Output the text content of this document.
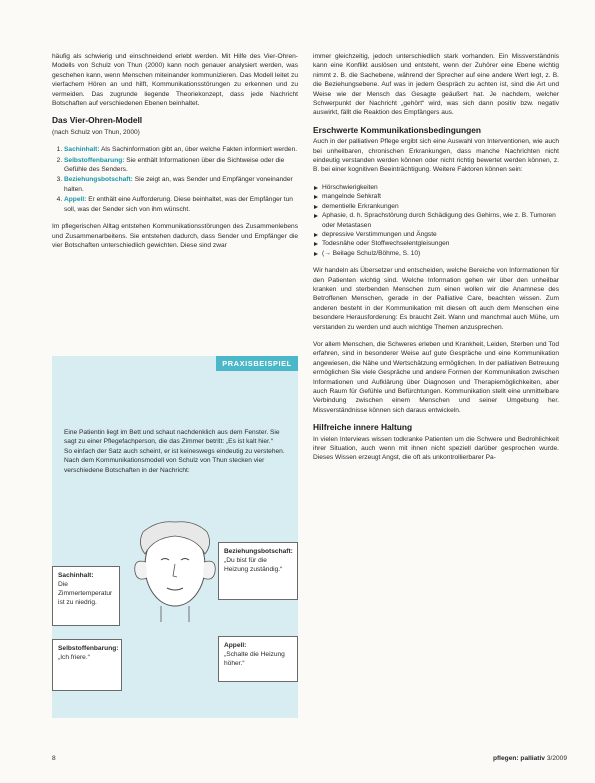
häufig als schwierig und einschneidend erlebt werden. Mit Hilfe des Vier-Ohren-Modells von Schulz von Thun (2000) kann noch genauer analysiert werden, was geschehen kann, wenn Menschen miteinander kommunizieren. Das Modell leitet zu vierfachem Hören an und hilft, Kommunikationsstörungen zu erkennen und zu vermeiden. Das zugrunde liegende Theoriekonzept, dass jede Nachricht Botschaften auf verschiedenen Ebenen beinhaltet.

Das Vier-Ohren-Modell
(nach Schulz von Thun, 2000)
1. Sachinhalt: Als Sachinformation gibt an, über welche Fakten informiert werden.
2. Selbstoffenbarung: Sie enthält Informationen über die Sichtweise oder die Gefühle des Senders.
3. Beziehungsbotschaft: Sie zeigt an, was Sender und Empfänger voneinander halten.
4. Appell: Er enthält eine Aufforderung. Diese beinhaltet, was der Empfänger tun soll, was der Sender sich von ihm wünscht.

Im pflegerischen Alltag entstehen Kommunikationsstörungen des Zusammenlebens und Zusammenarbeitens. Sie entstehen dadurch, dass Sender und Empfänger die vier Botschaften unterschiedlich gewichten. Diese sind zwar

PRAXISBEISPIEL
Eine Patientin liegt im Bett und schaut nachdenklich aus dem Fenster. Sie sagt zu einer Pflegefachperson, die das Zimmer betritt: „Es ist kalt hier.“
So einfach der Satz auch scheint, er ist keineswegs eindeutig zu verstehen. Nach dem Kommunikationsmodell von Schulz von Thun stecken vier verschiedene Botschaften in der Nachricht:
Sachinhalt:
Die Zimmertemperatur ist zu niedrig.
Beziehungsbotschaft:
„Du bist für die Heizung zuständig.“
Selbstoffenbarung:
„Ich friere.“
Appell:
„Schalte die Heizung höher.“

immer gleichzeitig, jedoch unterschiedlich stark vorhanden. Ein Missverständnis kann eine Konflikt auslösen und entsteht, wenn der Zuhörer eine Ebene wichtig nimmt z. B. die Sachebene, während der Sprecher auf eine andere Wert legt, z. B. die Beziehungsebene. Auf was in jedem Gespräch zu achten ist, sind die Art und Weise wie der Mensch das Gesagte geäußert hat. Je nachdem, welcher Schwerpunkt der Nachricht „gehört“ wird, was sich dann positiv bzw. negativ auswirkt, fällt die Reaktion des Empfängers aus.

Erschwerte Kommunikationsbedingungen

Auch in der palliativen Pflege ergibt sich eine Auswahl von Interventionen, wie auch bei unheilbaren, chronischen Erkrankungen, dass manche Nachrichten nicht eindeutig verstanden werden können oder nicht richtig bewertet werden können, z. B. bei einer kognitiven Beeinträchtigung. Weitere Faktoren können sein:

Hörschwierigkeiten
mangelnde Sehkraft
dementielle Erkrankungen
Aphasie, d. h. Sprachstörung durch Schädigung des Gehirns, wie z. B. Tumoren oder Metastasen
depressive Verstimmungen und Ängste
Todesnähe oder Stoffwechselentgleisungen
(→ Beilage Schulz/Böhme, S. 10)

Wir handeln als Übersetzer und entscheiden, welche Bereiche von Informationen für den Patienten wichtig sind. Welche Information gehen wir über den unheilbar kranken und sterbenden Menschen zum einen wollen wir die Anamnese des Betroffenen Menschen, gerade in der Palliative Care, beachten wissen. Zum anderen besteht in der Kommunikation mit diesen oft auch dem Menschen eine besondere Herausforderung: Es braucht Zeit. Wann und manchmal auch Mühe, um verstanden zu werden und auch wichtige Themen anzusprechen.

Vor allem Menschen, die Schweres erleben und Krankheit, Leiden, Sterben und Tod erfahren, sind in besonderer Weise auf gute Gespräche und eine Kommunikation angewiesen, die Nähe und Wertschätzung ermöglichen. In der palliativen Betreuung ermöglichen Sie viele Gespräche und andere Formen der Kommunikation zwischen Informationen und Aufklärung über Diagnosen und Therapiemöglichkeiten, aber auch Raum für Gefühle und Befürchtungen. Kommunikation stellt eine unmittelbare Verbindung zwischen einem Menschen und seiner Umgebung her. Missverständnisse können sich daraus entwickeln.

Hilfreiche innere Haltung

In vielen Interviews wissen todkranke Patienten um die Schwere und Bedrohlichkeit ihrer Situation, auch wenn mit ihnen nicht speziell darüber gesprochen wurde. Dieses Wissen erzeugt Angst, die oft als unkontrollierbarer Pa-

8	pflegen: palliativ 3/2009
